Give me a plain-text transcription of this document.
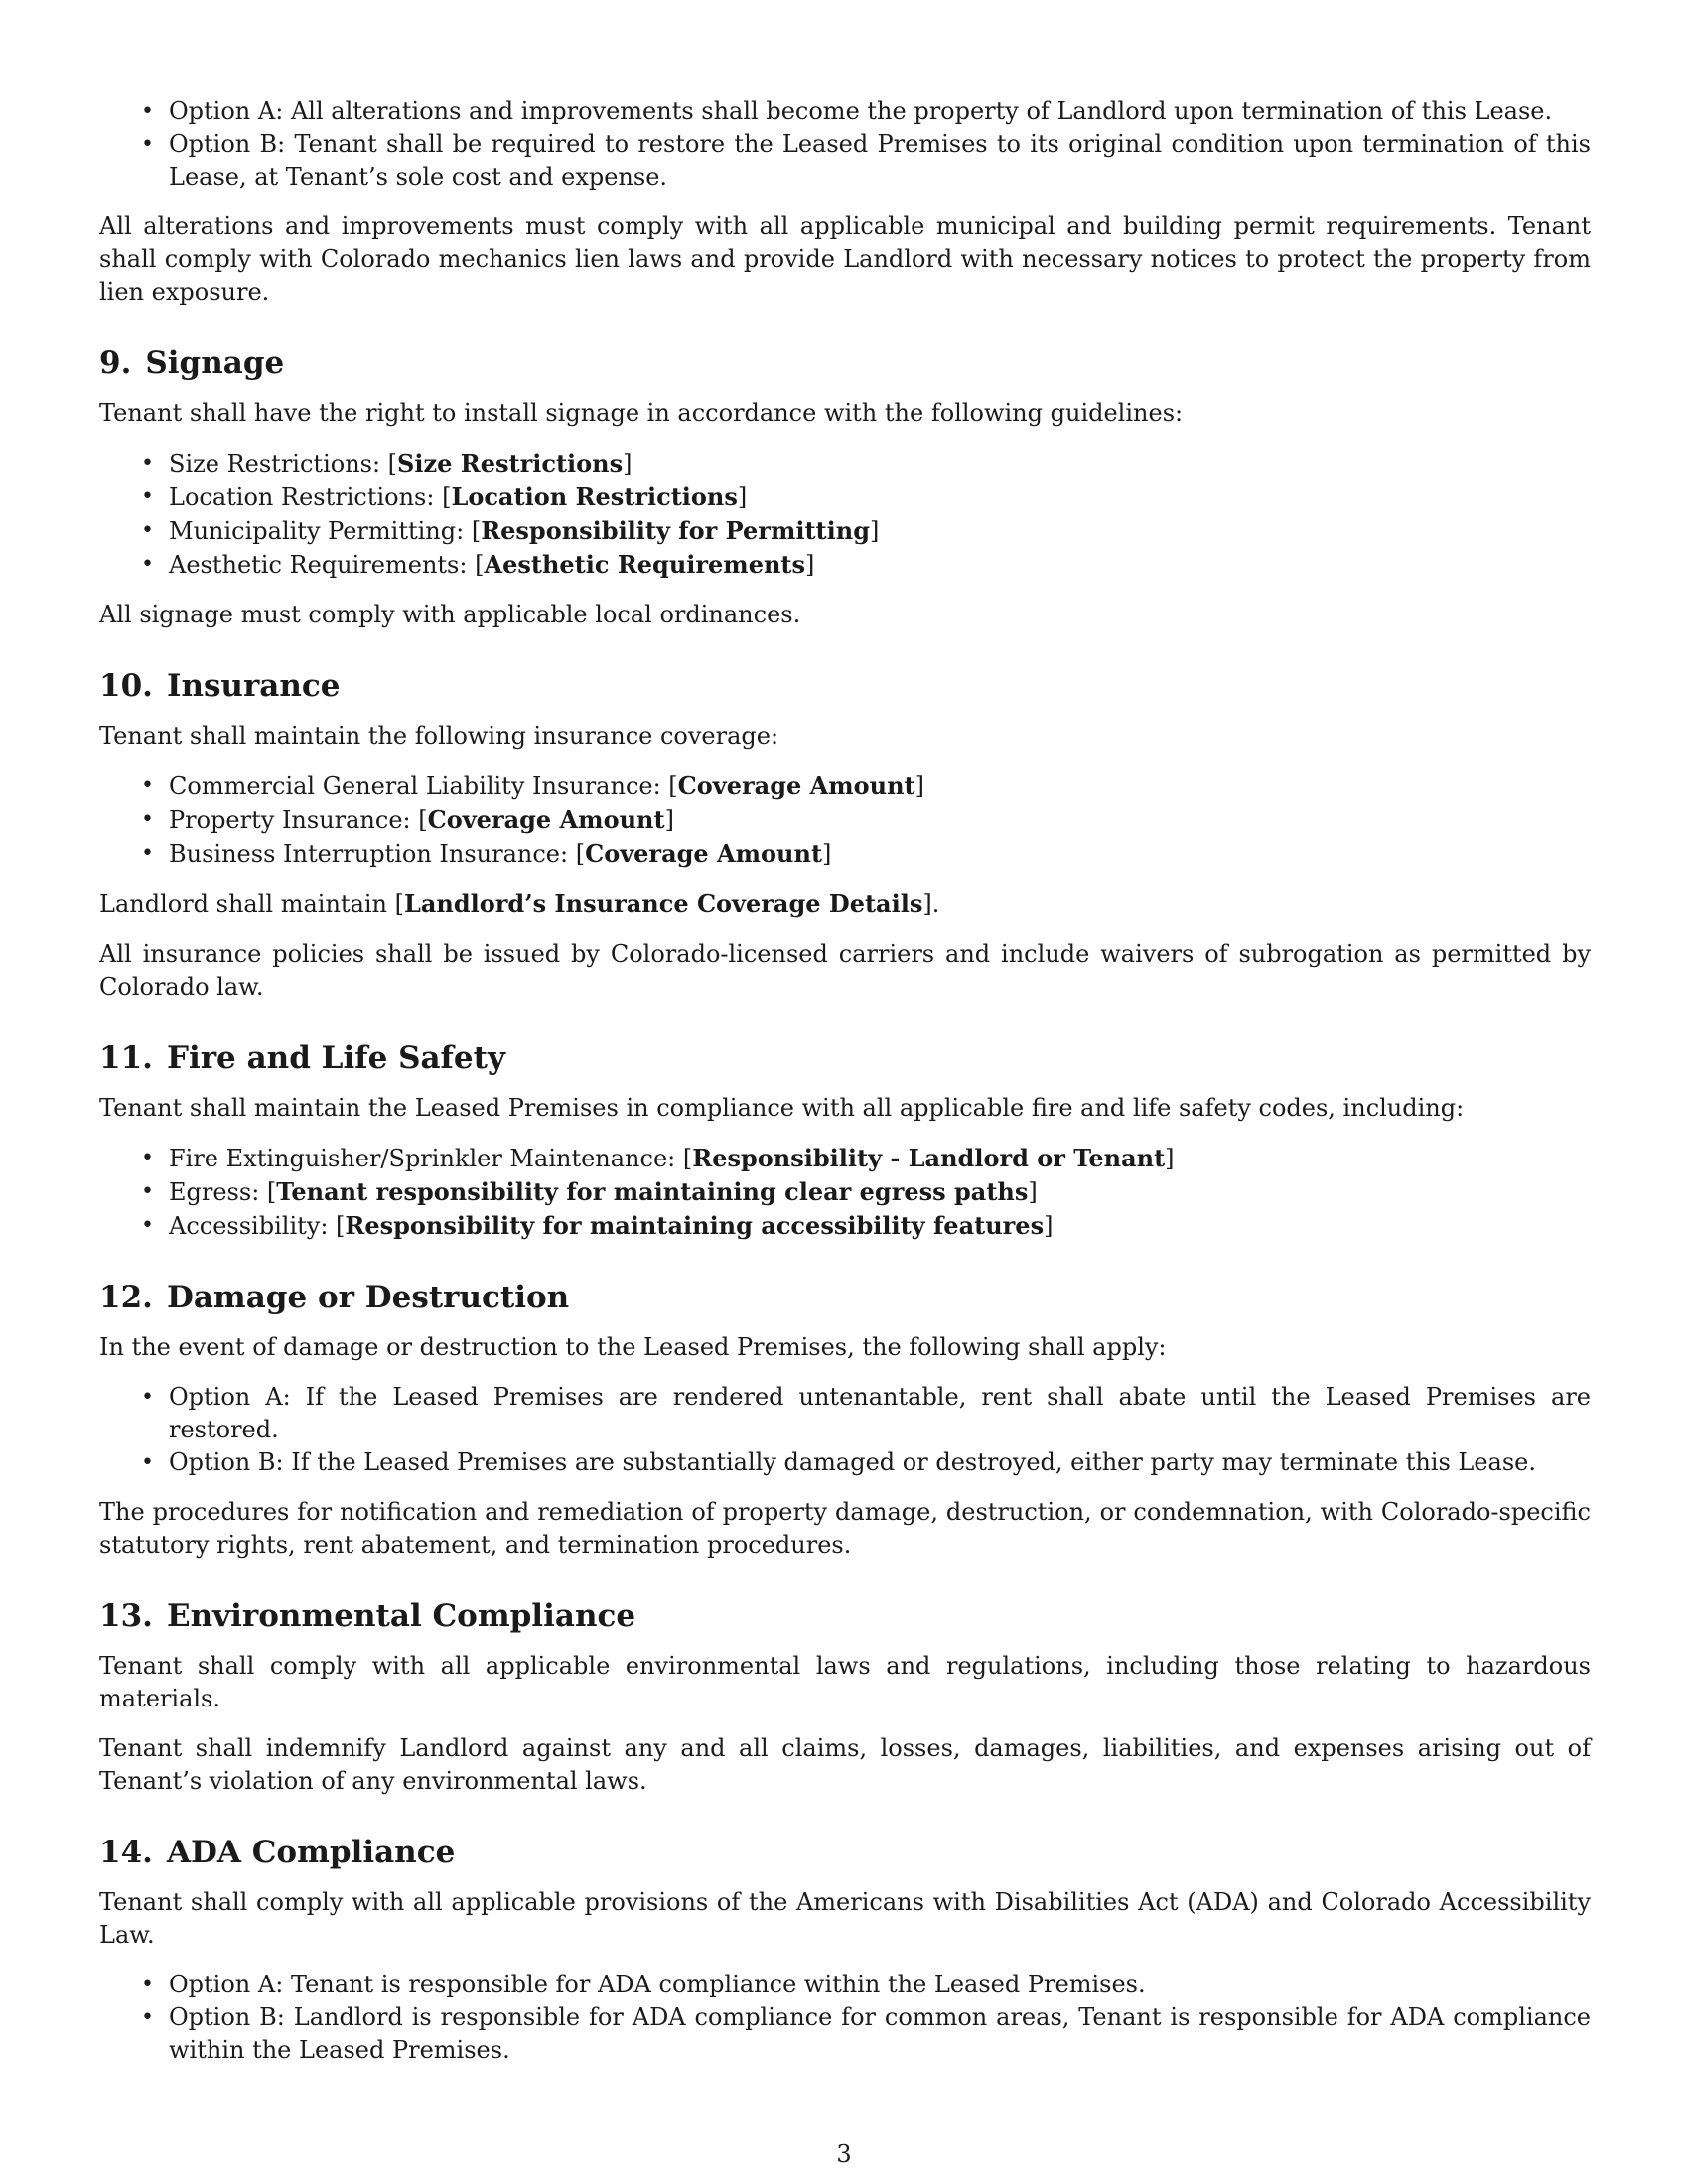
• Option A: All alterations and improvements shall become the property of Landlord upon termination of this Lease.
• Option B: Tenant shall be required to restore the Leased Premises to its original condition upon termination of this Lease, at Tenant’s sole cost and expense.

All alterations and improvements must comply with all applicable municipal and building permit requirements. Tenant shall comply with Colorado mechanics lien laws and provide Landlord with necessary notices to protect the property from lien exposure.

9. Signage

Tenant shall have the right to install signage in accordance with the following guidelines:

• Size Restrictions: [Size Restrictions]
• Location Restrictions: [Location Restrictions]
• Municipality Permitting: [Responsibility for Permitting]
• Aesthetic Requirements: [Aesthetic Requirements]

All signage must comply with applicable local ordinances.

10. Insurance

Tenant shall maintain the following insurance coverage:

• Commercial General Liability Insurance: [Coverage Amount]
• Property Insurance: [Coverage Amount]
• Business Interruption Insurance: [Coverage Amount]

Landlord shall maintain [Landlord’s Insurance Coverage Details].

All insurance policies shall be issued by Colorado-licensed carriers and include waivers of subrogation as permitted by Colorado law.

11. Fire and Life Safety

Tenant shall maintain the Leased Premises in compliance with all applicable fire and life safety codes, including:

• Fire Extinguisher/Sprinkler Maintenance: [Responsibility - Landlord or Tenant]
• Egress: [Tenant responsibility for maintaining clear egress paths]
• Accessibility: [Responsibility for maintaining accessibility features]
12. Damage or Destruction

In the event of damage or destruction to the Leased Premises, the following shall apply:

• Option A: If the Leased Premises are rendered untenantable, rent shall abate until the Leased Premises are restored.
• Option B: If the Leased Premises are substantially damaged or destroyed, either party may terminate this Lease.

The procedures for notification and remediation of property damage, destruction, or condemnation, with Colorado-specific statutory rights, rent abatement, and termination procedures.

13. Environmental Compliance

Tenant shall comply with all applicable environmental laws and regulations, including those relating to hazardous materials.

Tenant shall indemnify Landlord against any and all claims, losses, damages, liabilities, and expenses arising out of Tenant’s violation of any environmental laws.

14. ADA Compliance

Tenant shall comply with all applicable provisions of the Americans with Disabilities Act (ADA) and Colorado Accessibility Law.

• Option A: Tenant is responsible for ADA compliance within the Leased Premises.
• Option B: Landlord is responsible for ADA compliance for common areas, Tenant is responsible for ADA compliance within the Leased Premises.
3
